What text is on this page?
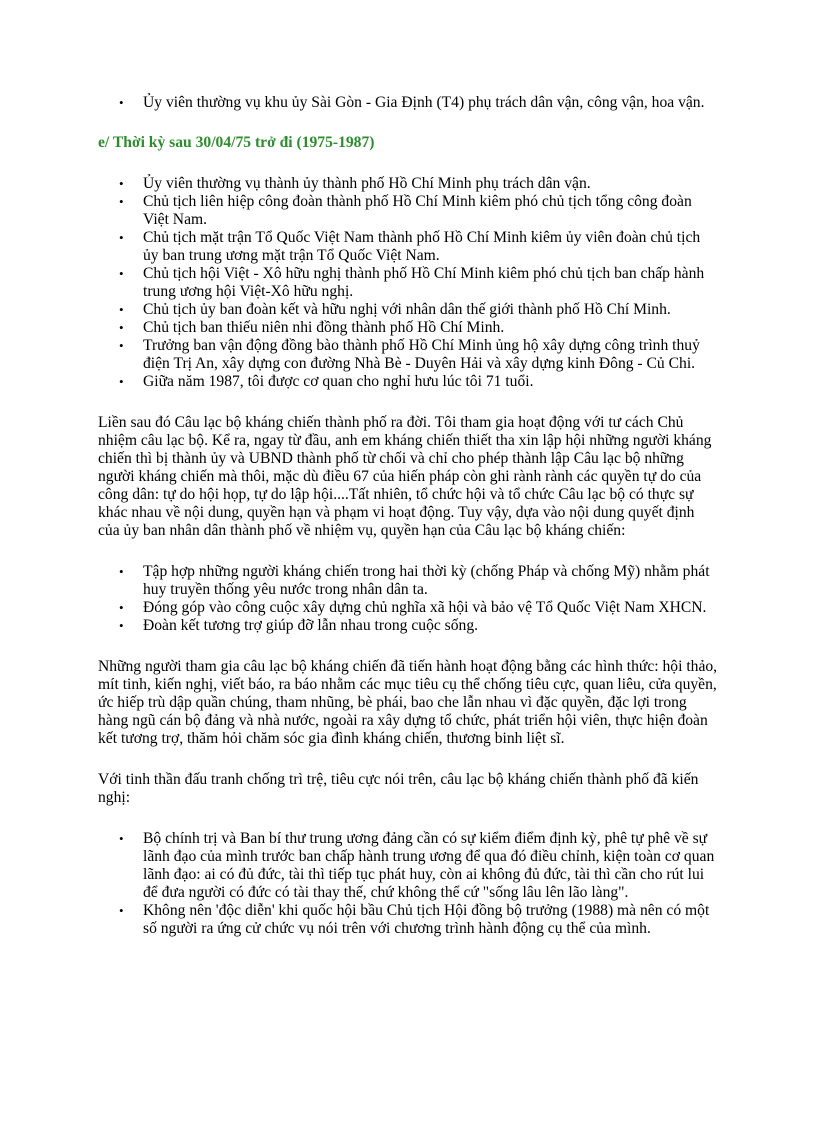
• Ủy viên thường vụ khu ủy Sài Gòn - Gia Định (T4) phụ trách dân vận, công vận, hoa vận.
e/ Thời kỳ sau 30/04/75 trở đi (1975-1987)
• Ủy viên thường vụ thành ủy thành phố Hồ Chí Minh phụ trách dân vận.
• Chủ tịch liên hiệp công đoàn thành phố Hồ Chí Minh kiêm phó chủ tịch tổng công đoàn Việt Nam.
• Chủ tịch mặt trận Tổ Quốc Việt Nam thành phố Hồ Chí Minh kiêm ủy viên đoàn chủ tịch ủy ban trung ương mặt trận Tổ Quốc Việt Nam.
• Chủ tịch hội Việt - Xô hữu nghị thành phố Hồ Chí Minh kiêm phó chủ tịch ban chấp hành trung ương hội Việt-Xô hữu nghị.
• Chủ tịch ủy ban đoàn kết và hữu nghị với nhân dân thế giới thành phố Hồ Chí Minh.
• Chủ tịch ban thiếu niên nhi đồng thành phố Hồ Chí Minh.
• Trưởng ban vận động đồng bào thành phố Hồ Chí Minh ủng hộ xây dựng công trình thuỷ điện Trị An, xây dựng con đường Nhà Bè - Duyên Hải và xây dựng kinh Đông - Củ Chi.
• Giữa năm 1987, tôi được cơ quan cho nghỉ hưu lúc tôi 71 tuổi.

Liền sau đó Câu lạc bộ kháng chiến thành phố ra đời. Tôi tham gia hoạt động với tư cách Chủ nhiệm câu lạc bộ. Kể ra, ngay từ đầu, anh em kháng chiến thiết tha xin lập hội những người kháng chiến thì bị thành ủy và UBND thành phố từ chối và chỉ cho phép thành lập Câu lạc bộ những người kháng chiến mà thôi, mặc dù điều 67 của hiến pháp còn ghi rành rành các quyền tự do của công dân: tự do hội họp, tự do lập hội....Tất nhiên, tổ chức hội và tổ chức Câu lạc bộ có thực sự khác nhau về nội dung, quyền hạn và phạm vi hoạt động. Tuy vậy, dựa vào nội dung quyết định của ủy ban nhân dân thành phố về nhiệm vụ, quyền hạn của Câu lạc bộ kháng chiến:

• Tập hợp những người kháng chiến trong hai thời kỳ (chống Pháp và chống Mỹ) nhằm phát huy truyền thống yêu nước trong nhân dân ta.
• Đóng góp vào công cuộc xây dựng chủ nghĩa xã hội và bảo vệ Tổ Quốc Việt Nam XHCN.
• Đoàn kết tương trợ giúp đỡ lẫn nhau trong cuộc sống.

Những người tham gia câu lạc bộ kháng chiến đã tiến hành hoạt động bằng các hình thức: hội thảo, mít tinh, kiến nghị, viết báo, ra báo nhằm các mục tiêu cụ thể chống tiêu cực, quan liêu, cửa quyền, ức hiếp trù dập quần chúng, tham nhũng, bè phái, bao che lẫn nhau vì đặc quyền, đặc lợi trong hàng ngũ cán bộ đảng và nhà nước, ngoài ra xây dựng tổ chức, phát triển hội viên, thực hiện đoàn kết tương trợ, thăm hỏi chăm sóc gia đình kháng chiến, thương binh liệt sĩ.

Với tinh thần đấu tranh chống trì trệ, tiêu cực nói trên, câu lạc bộ kháng chiến thành phố đã kiến nghị:

• Bộ chính trị và Ban bí thư trung ương đảng cần có sự kiểm điểm định kỳ, phê tự phê về sự lãnh đạo của mình trước ban chấp hành trung ương để qua đó điều chỉnh, kiện toàn cơ quan lãnh đạo: ai có đủ đức, tài thì tiếp tục phát huy, còn ai không đủ đức, tài thì cần cho rút lui để đưa người có đức có tài thay thế, chứ không thể cứ "sống lâu lên lão làng".
• Không nên 'độc diễn' khi quốc hội bầu Chủ tịch Hội đồng bộ trưởng (1988) mà nên có một số người ra ứng cử chức vụ nói trên với chương trình hành động cụ thể của mình.
